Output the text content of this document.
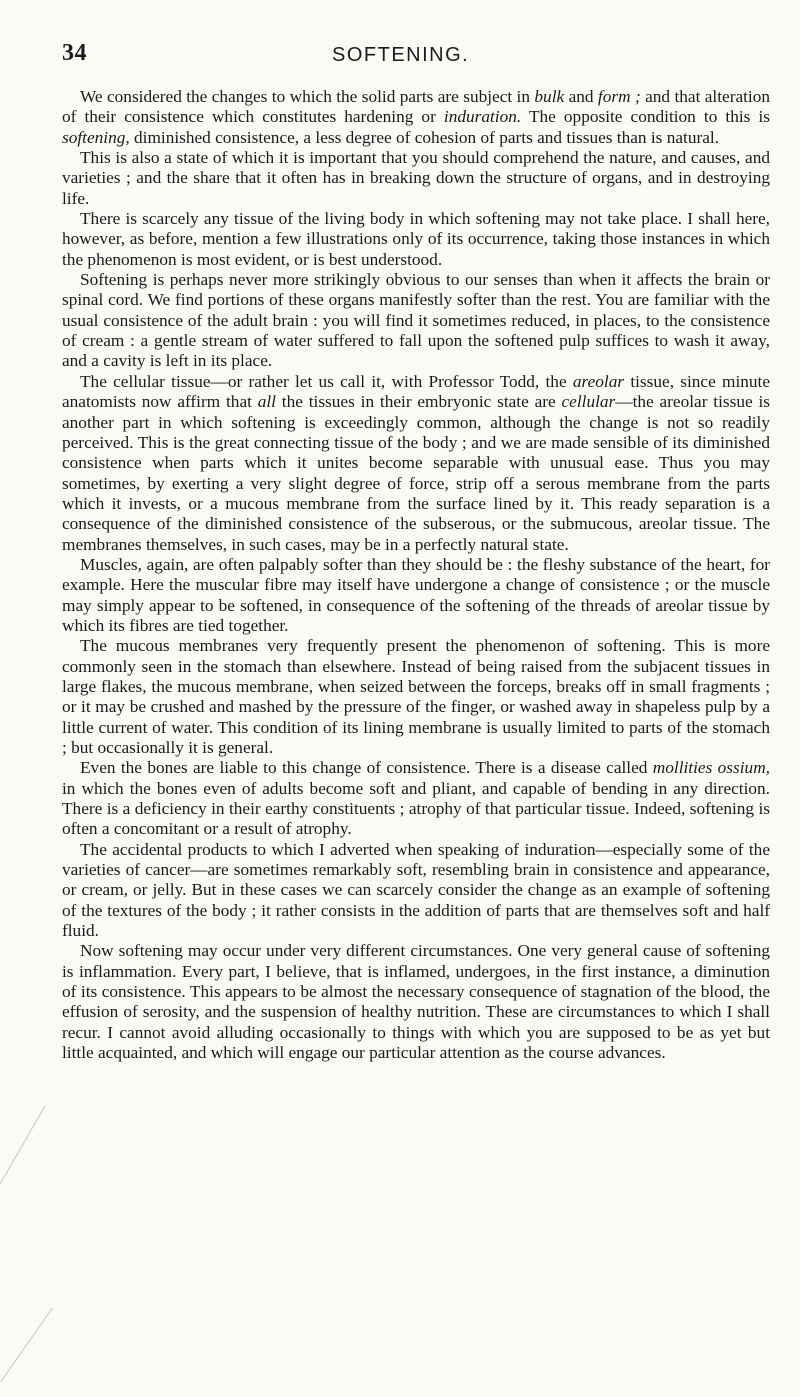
34	SOFTENING.

We considered the changes to which the solid parts are subject in bulk and form ; and that alteration of their consistence which constitutes hardening or induration. The opposite condition to this is softening, diminished consistence, a less degree of cohesion of parts and tissues than is natural.

This is also a state of which it is important that you should comprehend the nature, and causes, and varieties ; and the share that it often has in breaking down the structure of organs, and in destroying life.

There is scarcely any tissue of the living body in which softening may not take place. I shall here, however, as before, mention a few illustrations only of its occurrence, taking those instances in which the phenomenon is most evident, or is best understood.

Softening is perhaps never more strikingly obvious to our senses than when it affects the brain or spinal cord. We find portions of these organs manifestly softer than the rest. You are familiar with the usual consistence of the adult brain : you will find it sometimes reduced, in places, to the consistence of cream : a gentle stream of water suffered to fall upon the softened pulp suffices to wash it away, and a cavity is left in its place.

The cellular tissue—or rather let us call it, with Professor Todd, the areolar tissue, since minute anatomists now affirm that all the tissues in their embryonic state are cellular—the areolar tissue is another part in which softening is exceedingly common, although the change is not so readily perceived. This is the great connecting tissue of the body ; and we are made sensible of its diminished consistence when parts which it unites become separable with unusual ease. Thus you may sometimes, by exerting a very slight degree of force, strip off a serous membrane from the parts which it invests, or a mucous membrane from the surface lined by it. This ready separation is a consequence of the diminished consistence of the subserous, or the submucous, areolar tissue. The membranes themselves, in such cases, may be in a perfectly natural state.

Muscles, again, are often palpably softer than they should be : the fleshy substance of the heart, for example. Here the muscular fibre may itself have undergone a change of consistence ; or the muscle may simply appear to be softened, in consequence of the softening of the threads of areolar tissue by which its fibres are tied together.

The mucous membranes very frequently present the phenomenon of softening. This is more commonly seen in the stomach than elsewhere. Instead of being raised from the subjacent tissues in large flakes, the mucous membrane, when seized between the forceps, breaks off in small fragments ; or it may be crushed and mashed by the pressure of the finger, or washed away in shapeless pulp by a little current of water. This condition of its lining membrane is usually limited to parts of the stomach ; but occasionally it is general.

Even the bones are liable to this change of consistence. There is a disease called mollities ossium, in which the bones even of adults become soft and pliant, and capable of bending in any direction. There is a deficiency in their earthy constituents ; atrophy of that particular tissue. Indeed, softening is often a concomitant or a result of atrophy.

The accidental products to which I adverted when speaking of induration—especially some of the varieties of cancer—are sometimes remarkably soft, resembling brain in consistence and appearance, or cream, or jelly. But in these cases we can scarcely consider the change as an example of softening of the textures of the body ; it rather consists in the addition of parts that are themselves soft and half fluid.

Now softening may occur under very different circumstances. One very general cause of softening is inflammation. Every part, I believe, that is inflamed, undergoes, in the first instance, a diminution of its consistence. This appears to be almost the necessary consequence of stagnation of the blood, the effusion of serosity, and the suspension of healthy nutrition. These are circumstances to which I shall recur. I cannot avoid alluding occasionally to things with which you are supposed to be as yet but little acquainted, and which will engage our particular attention as the course advances.
